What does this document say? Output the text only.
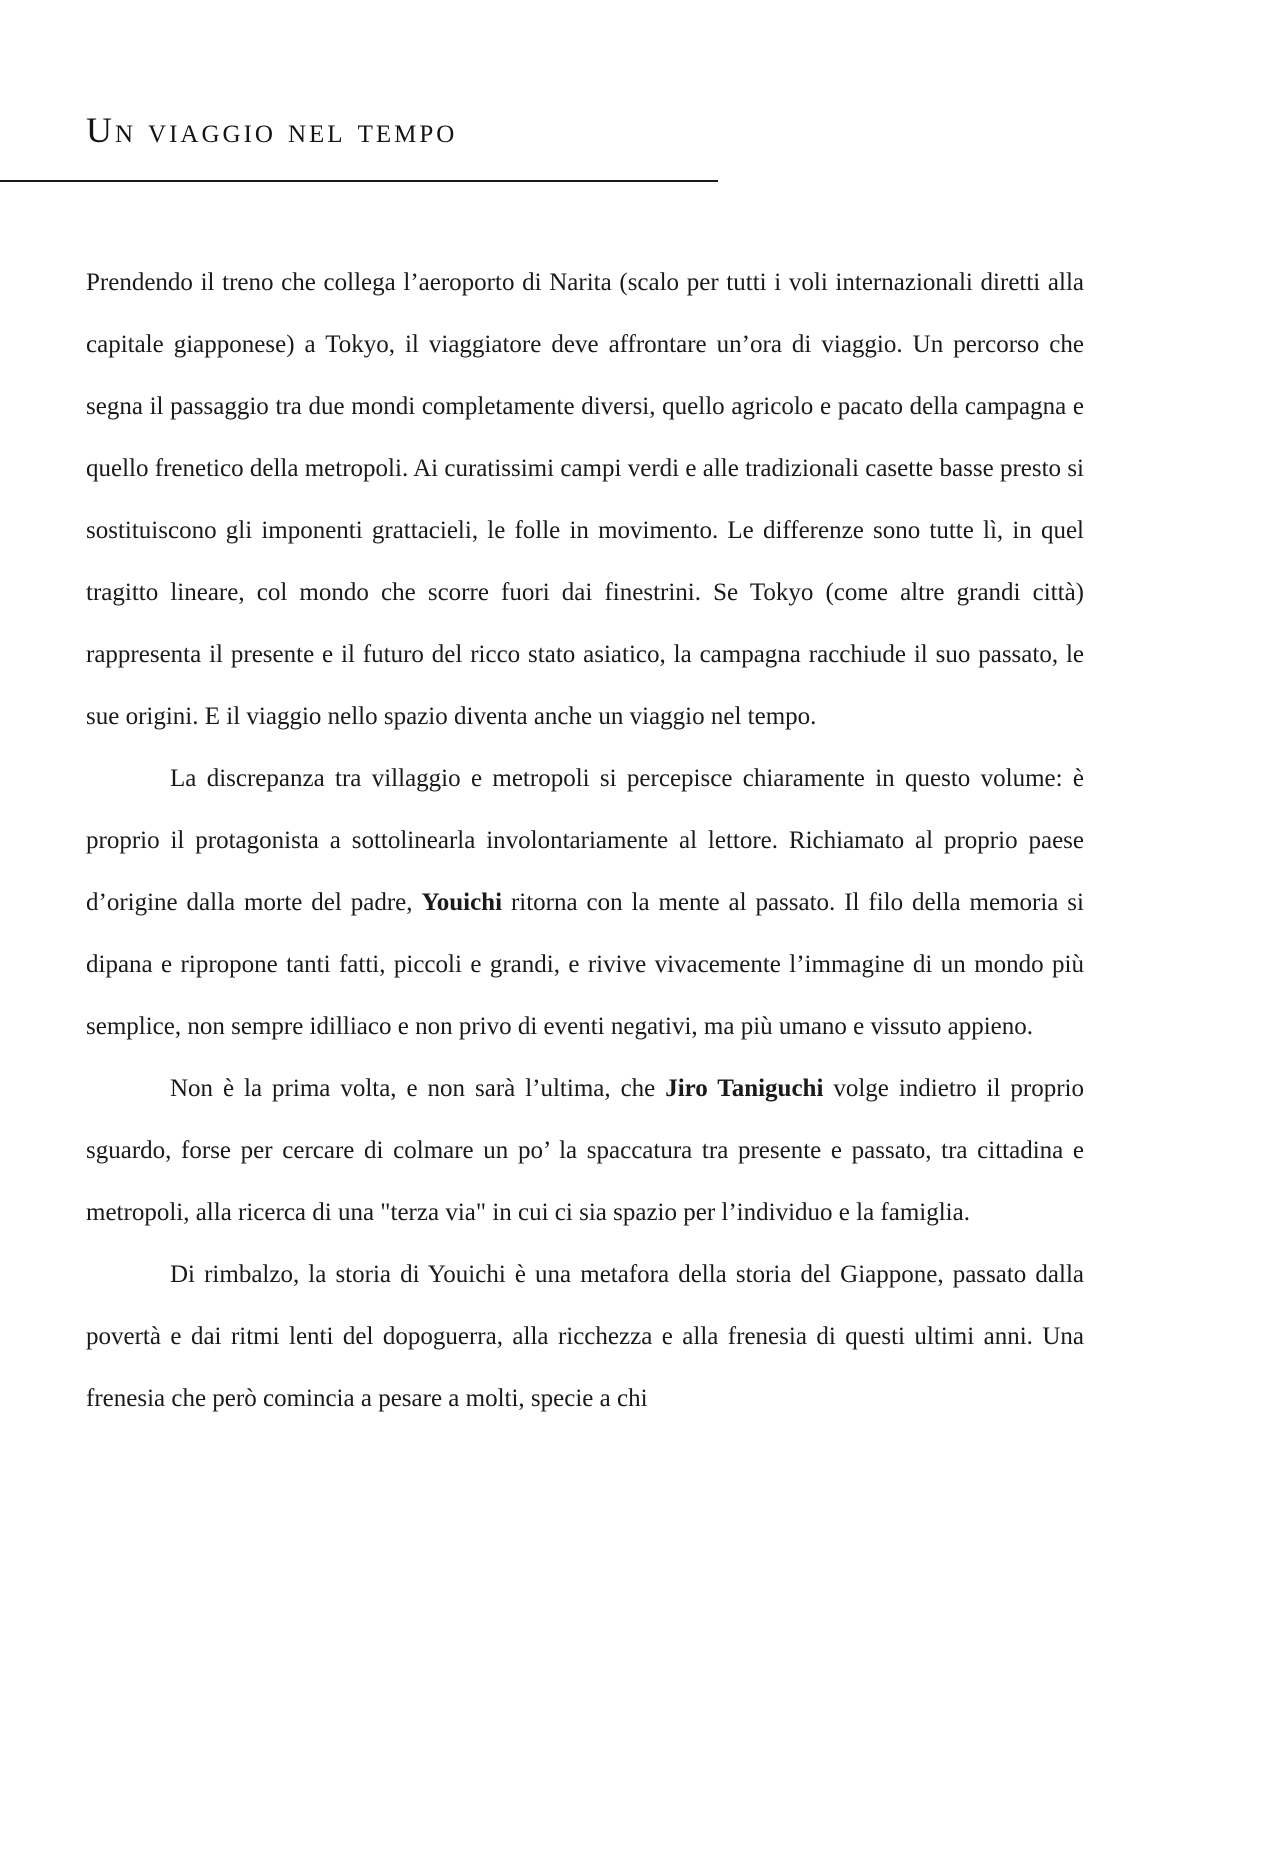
Un viaggio nel tempo

Prendendo il treno che collega l’aeroporto di Narita (scalo per tutti i voli internazionali diretti alla capitale giapponese) a Tokyo, il viaggiatore deve affrontare un’ora di viaggio. Un percorso che segna il passaggio tra due mondi completamente diversi, quello agricolo e pacato della campagna e quello frenetico della metropoli. Ai curatissimi campi verdi e alle tradizionali casette basse presto si sostituiscono gli imponenti grattacieli, le folle in movimento. Le differenze sono tutte lì, in quel tragitto lineare, col mondo che scorre fuori dai finestrini. Se Tokyo (come altre grandi città) rappresenta il presente e il futuro del ricco stato asiatico, la campagna racchiude il suo passato, le sue origini. E il viaggio nello spazio diventa anche un viaggio nel tempo.

La discrepanza tra villaggio e metropoli si percepisce chiaramente in questo volume: è proprio il protagonista a sottolinearla involontariamente al lettore. Richiamato al proprio paese d’origine dalla morte del padre, Youichi ritorna con la mente al passato. Il filo della memoria si dipana e ripropone tanti fatti, piccoli e grandi, e rivive vivacemente l’immagine di un mondo più semplice, non sempre idilliaco e non privo di eventi negativi, ma più umano e vissuto appieno.

Non è la prima volta, e non sarà l’ultima, che Jiro Taniguchi volge indietro il proprio sguardo, forse per cercare di colmare un po’ la spaccatura tra presente e passato, tra cittadina e metropoli, alla ricerca di una "terza via" in cui ci sia spazio per l’individuo e la famiglia.

Di rimbalzo, la storia di Youichi è una metafora della storia del Giappone, passato dalla povertà e dai ritmi lenti del dopoguerra, alla ricchezza e alla frenesia di questi ultimi anni. Una frenesia che però comincia a pesare a molti, specie a chi
